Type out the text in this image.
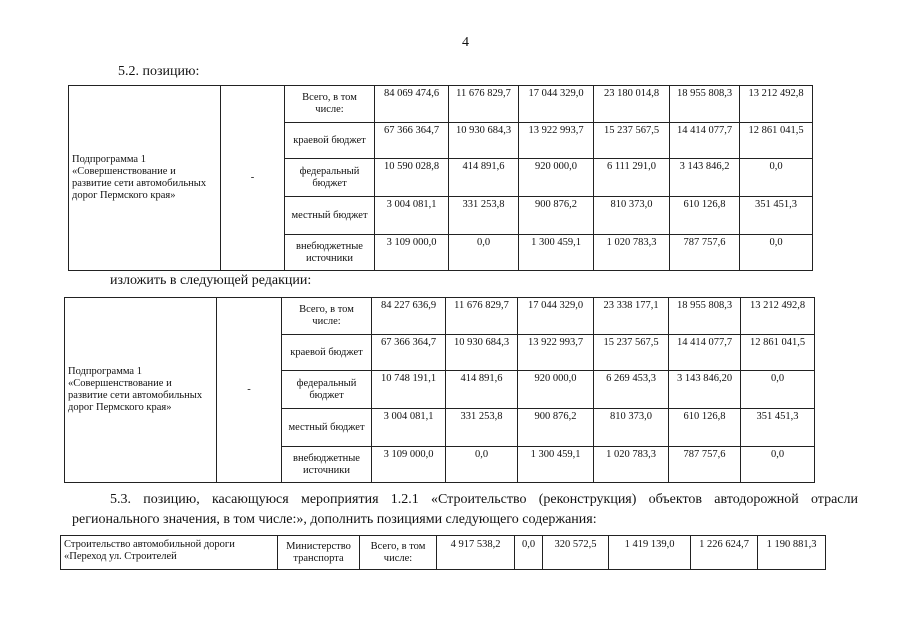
4
5.2. позицию:
Подпрограмма 1 «Совершенствование и развитие сети автомобильных дорог Пермского края»	-	Всего, в том числе:	84 069 474,6	11 676 829,7	17 044 329,0	23 180 014,8	18 955 808,3	13 212 492,8
		краевой бюджет	67 366 364,7	10 930 684,3	13 922 993,7	15 237 567,5	14 414 077,7	12 861 041,5
		федеральный бюджет	10 590 028,8	414 891,6	920 000,0	6 111 291,0	3 143 846,2	0,0
		местный бюджет	3 004 081,1	331 253,8	900 876,2	810 373,0	610 126,8	351 451,3
		внебюджетные источники	3 109 000,0	0,0	1 300 459,1	1 020 783,3	787 757,6	0,0
изложить в следующей редакции:
Подпрограмма 1 «Совершенствование и развитие сети автомобильных дорог Пермского края»	-	Всего, в том числе:	84 227 636,9	11 676 829,7	17 044 329,0	23 338 177,1	18 955 808,3	13 212 492,8
		краевой бюджет	67 366 364,7	10 930 684,3	13 922 993,7	15 237 567,5	14 414 077,7	12 861 041,5
		федеральный бюджет	10 748 191,1	414 891,6	920 000,0	6 269 453,3	3 143 846,20	0,0
		местный бюджет	3 004 081,1	331 253,8	900 876,2	810 373,0	610 126,8	351 451,3
		внебюджетные источники	3 109 000,0	0,0	1 300 459,1	1 020 783,3	787 757,6	0,0
5.3. позицию, касающуюся мероприятия 1.2.1 «Строительство (реконструкция) объектов автодорожной отрасли регионального значения, в том числе:», дополнить позициями следующего содержания:
Строительство автомобильной дороги «Переход ул. Строителей	Министерство транспорта	Всего, в том числе:	4 917 538,2	0,0	320 572,5	1 419 139,0	1 226 624,7	1 190 881,3
